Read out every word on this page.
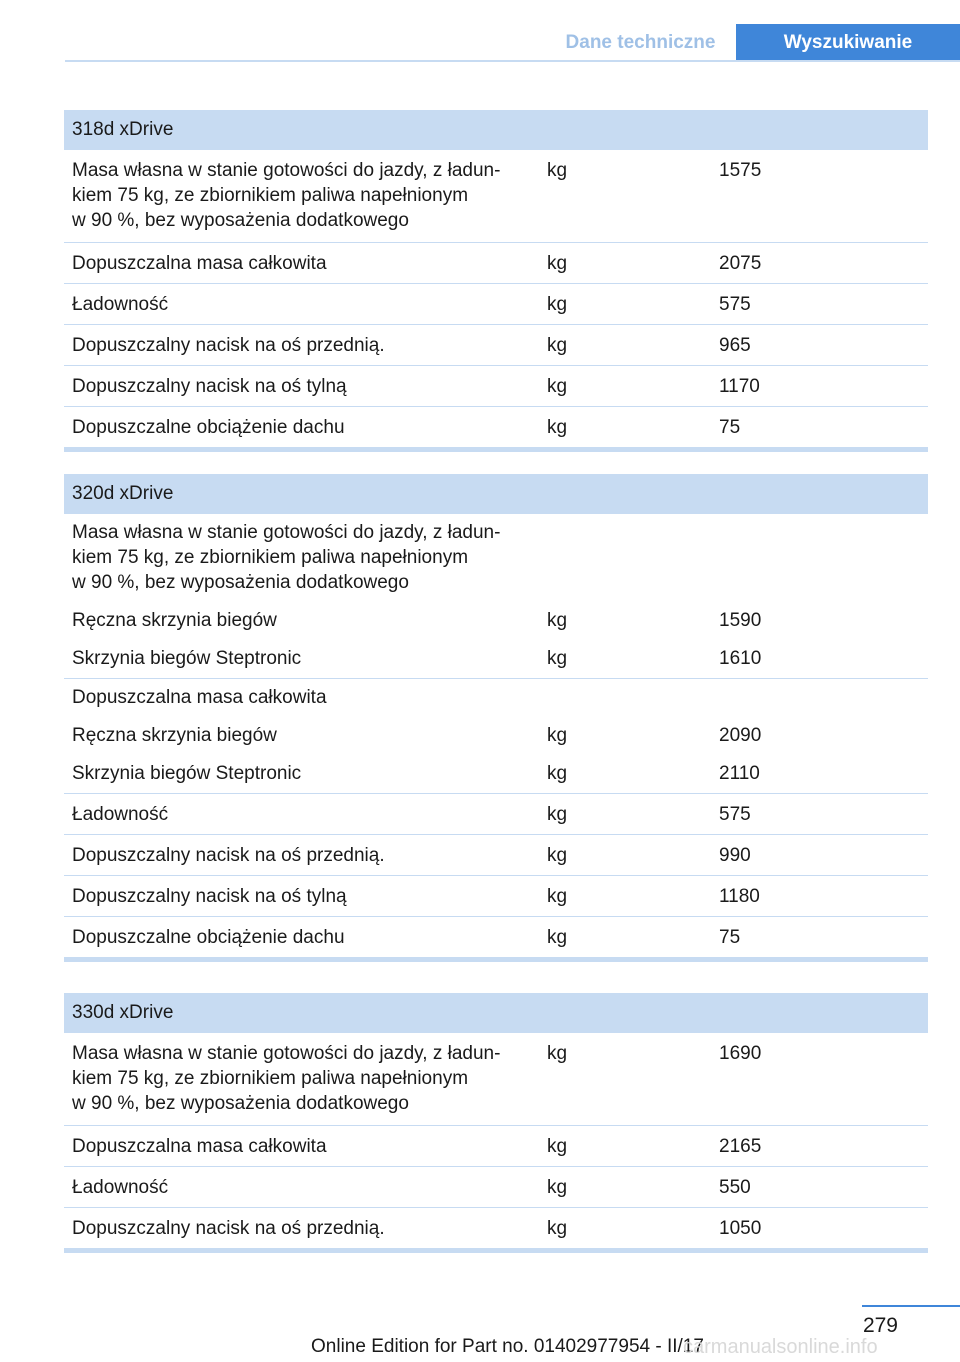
Dane techniczne	Wyszukiwanie
318d xDrive
Masa własna w stanie gotowości do jazdy, z ładun-
kiem 75 kg, ze zbiornikiem paliwa napełnionym
w 90 %, bez wyposażenia dodatkowego
kg	1575
Dopuszczalna masa całkowita	kg	2075
Ładowność	kg	575
Dopuszczalny nacisk na oś przednią.	kg	965
Dopuszczalny nacisk na oś tylną	kg	1170
Dopuszczalne obciążenie dachu	kg	75
320d xDrive
Masa własna w stanie gotowości do jazdy, z ładun-
kiem 75 kg, ze zbiornikiem paliwa napełnionym
w 90 %, bez wyposażenia dodatkowego
Ręczna skrzynia biegów	kg	1590
Skrzynia biegów Steptronic	kg	1610
Dopuszczalna masa całkowita
Ręczna skrzynia biegów	kg	2090
Skrzynia biegów Steptronic	kg	2110
Ładowność	kg	575
Dopuszczalny nacisk na oś przednią.	kg	990
Dopuszczalny nacisk na oś tylną	kg	1180
Dopuszczalne obciążenie dachu	kg	75
330d xDrive
Masa własna w stanie gotowości do jazdy, z ładun-
kiem 75 kg, ze zbiornikiem paliwa napełnionym
w 90 %, bez wyposażenia dodatkowego
kg	1690
Dopuszczalna masa całkowita	kg	2165
Ładowność	kg	550
Dopuszczalny nacisk na oś przednią.	kg	1050
279
Online Edition for Part no. 01402977954 - II/17
carmanualsonline.info
